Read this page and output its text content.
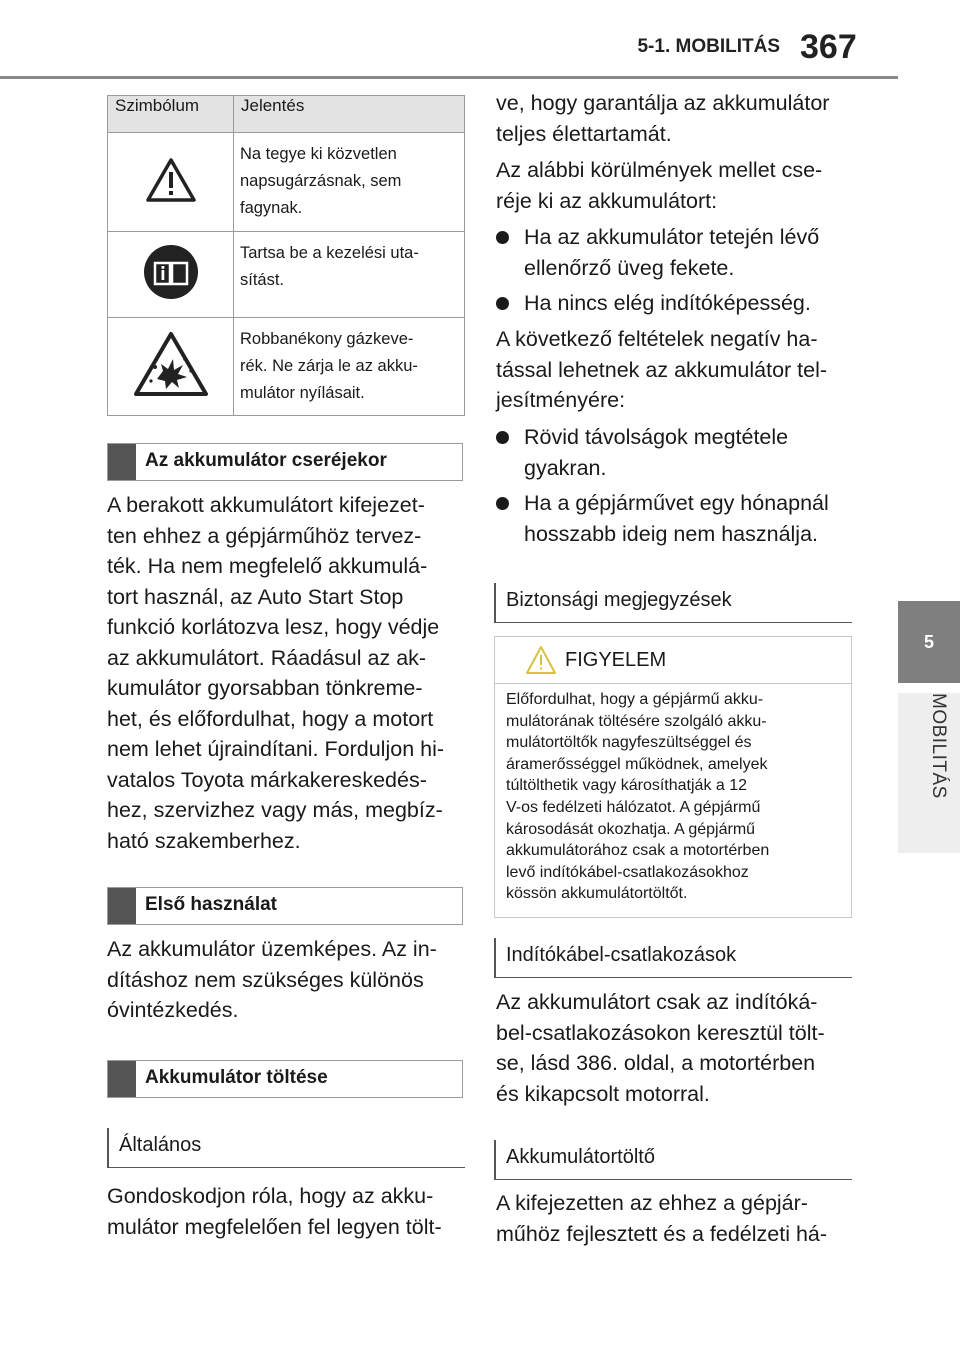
5-1. MOBILITÁS 367
5
MOBILITÁS
Szimbólum	Jelentés

Na tegye ki közvetlen
napsugárzásnak, sem
fagynak.

Tartsa be a kezelési uta-
sítást.

Robbanékony gázkeve-
rék. Ne zárja le az akku-
mulátor nyílásait.
Az akkumulátor cseréjekor
A berakott akkumulátort kifejezet-
ten ehhez a gépjárműhöz tervez-
ték. Ha nem megfelelő akkumulá-
tort használ, az Auto Start Stop
funkció korlátozva lesz, hogy védje
az akkumulátort. Ráadásul az ak-
kumulátor gyorsabban tönkreme-
het, és előfordulhat, hogy a motort
nem lehet újraindítani. Forduljon hi-
vatalos Toyota márkakereskedés-
hez, szervizhez vagy más, megbíz-
ható szakemberhez.
Első használat
Az akkumulátor üzemképes. Az in-
dításhoz nem szükséges különös
óvintézkedés.
Akkumulátor töltése
Általános
Gondoskodjon róla, hogy az akku-
mulátor megfelelően fel legyen tölt-
ve, hogy garantálja az akkumulátor
teljes élettartamát.
Az alábbi körülmények mellet cse-
réje ki az akkumulátort:
Ha az akkumulátor tetején lévő
ellenőrző üveg fekete.
Ha nincs elég indítóképesség.
A következő feltételek negatív ha-
tással lehetnek az akkumulátor tel-
jesítményére:
Rövid távolságok megtétele
gyakran.
Ha a gépjárművet egy hónapnál
hosszabb ideig nem használja.
Biztonsági megjegyzések
FIGYELEM
Előfordulhat, hogy a gépjármű akku-
mulátorának töltésére szolgáló akku-
mulátortöltők nagyfeszültséggel és
áramerősséggel működnek, amelyek
túltölthetik vagy károsíthatják a 12
V-os fedélzeti hálózatot. A gépjármű
károsodását okozhatja. A gépjármű
akkumulátorához csak a motortérben
levő indítókábel-csatlakozásokhoz
kössön akkumulátortöltőt.
Indítókábel-csatlakozások
Az akkumulátort csak az indítóká-
bel-csatlakozásokon keresztül tölt-
se, lásd 386. oldal, a motortérben
és kikapcsolt motorral.
Akkumulátortöltő
A kifejezetten az ehhez a gépjár-
műhöz fejlesztett és a fedélzeti há-
